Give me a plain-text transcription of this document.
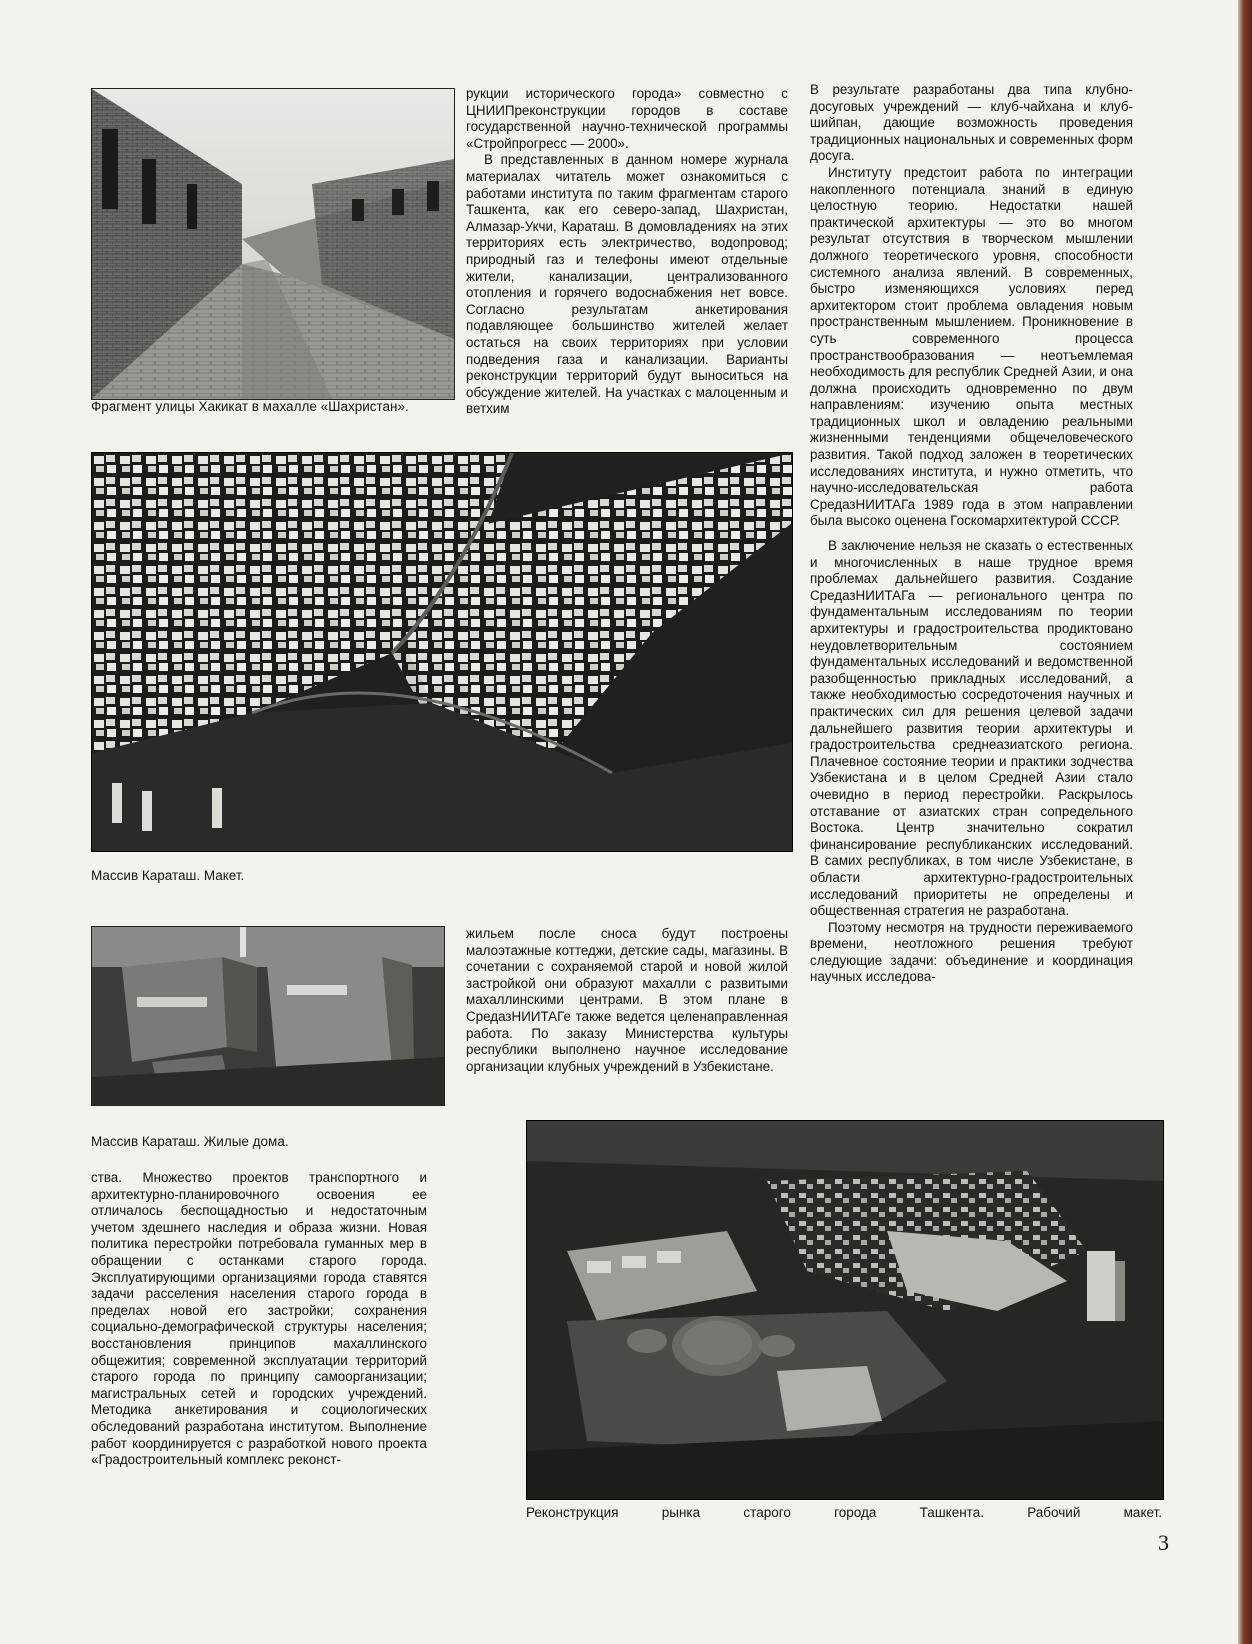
Фрагмент улицы Хакикат в махалле «Шахристан».

рукции исторического города» совместно с ЦНИИПреконструкции городов в составе государственной научно-технической программы «Стройпрогресс — 2000».

В представленных в данном номере журнала материалах читатель может ознакомиться с работами института по таким фрагментам старого Ташкента, как его северо-запад, Шахристан, Алмазар-Укчи, Караташ. В домовладениях на этих территориях есть электричество, водопровод; природный газ и телефоны имеют отдельные жители, канализации, централизованного отопления и горячего водоснабжения нет вовсе. Согласно результатам анкетирования подавляющее большинство жителей желает остаться на своих территориях при условии подведения газа и канализации. Варианты реконструкции территорий будут выноситься на обсуждение жителей. На участках с малоценным и ветхим

Массив Караташ. Макет.

В результате разработаны два типа клубно-досуговых учреждений — клуб-чайхана и клуб-шийпан, дающие возможность проведения традиционных национальных и современных форм досуга.

Институту предстоит работа по интеграции накопленного потенциала знаний в единую целостную теорию. Недостатки нашей практической архитектуры — это во многом результат отсутствия в творческом мышлении должного теоретического уровня, способности системного анализа явлений. В современных, быстро изменяющихся условиях перед архитектором стоит проблема овладения новым пространственным мышлением. Проникновение в суть современного процесса пространствообразования — неотъемлемая необходимость для республик Средней Азии, и она должна происходить одновременно по двум направлениям: изучению опыта местных традиционных школ и овладению реальными жизненными тенденциями общечеловеческого развития. Такой подход заложен в теоретических исследованиях института, и нужно отметить, что научно-исследовательская работа СредазНИИТАГа 1989 года в этом направлении была высоко оценена Госкомархитектурой СССР.

В заключение нельзя не сказать о естественных и многочисленных в наше трудное время проблемах дальнейшего развития. Создание СредазНИИТАГа — регионального центра по фундаментальным исследованиям по теории архитектуры и градостроительства продиктовано неудовлетворительным состоянием фундаментальных исследований и ведомственной разобщенностью прикладных исследований, а также необходимостью сосредоточения научных и практических сил для решения целевой задачи дальнейшего развития теории архитектуры и градостроительства среднеазиатского региона. Плачевное состояние теории и практики зодчества Узбекистана и в целом Средней Азии стало очевидно в период перестройки. Раскрылось отставание от азиатских стран сопредельного Востока. Центр значительно сократил финансирование республиканских исследований. В самих республиках, в том числе Узбекистане, в области архитектурно-градостроительных исследований приоритеты не определены и общественная стратегия не разработана.

Поэтому несмотря на трудности переживаемого времени, неотложного решения требуют следующие задачи: объединение и координация научных исследова-

Массив Караташ. Жилые дома.

жильем после сноса будут построены малоэтажные коттеджи, детские сады, магазины. В сочетании с сохраняемой старой и новой жилой застройкой они образуют махалли с развитыми махаллинскими центрами. В этом плане в СредазНИИТАГе также ведется целенаправленная работа. По заказу Министерства культуры республики выполнено научное исследование организации клубных учреждений в Узбекистане.

ства. Множество проектов транспортного и архитектурно-планировочного освоения ее отличалось беспощадностью и недостаточным учетом здешнего наследия и образа жизни. Новая политика перестройки потребовала гуманных мер в обращении с останками старого города. Эксплуатирующими организациями города ставятся задачи расселения населения старого города в пределах новой его застройки; сохранения социально-демографической структуры населения; восстановления принципов махаллинского общежития; современной эксплуатации территорий старого города по принципу самоорганизации; магистральных сетей и городских учреждений. Методика анкетирования и социологических обследований разработана институтом. Выполнение работ координируется с разработкой нового проекта «Градостроительный комплекс реконст-

Реконструкция рынка старого города Ташкента. Рабочий макет.

3
